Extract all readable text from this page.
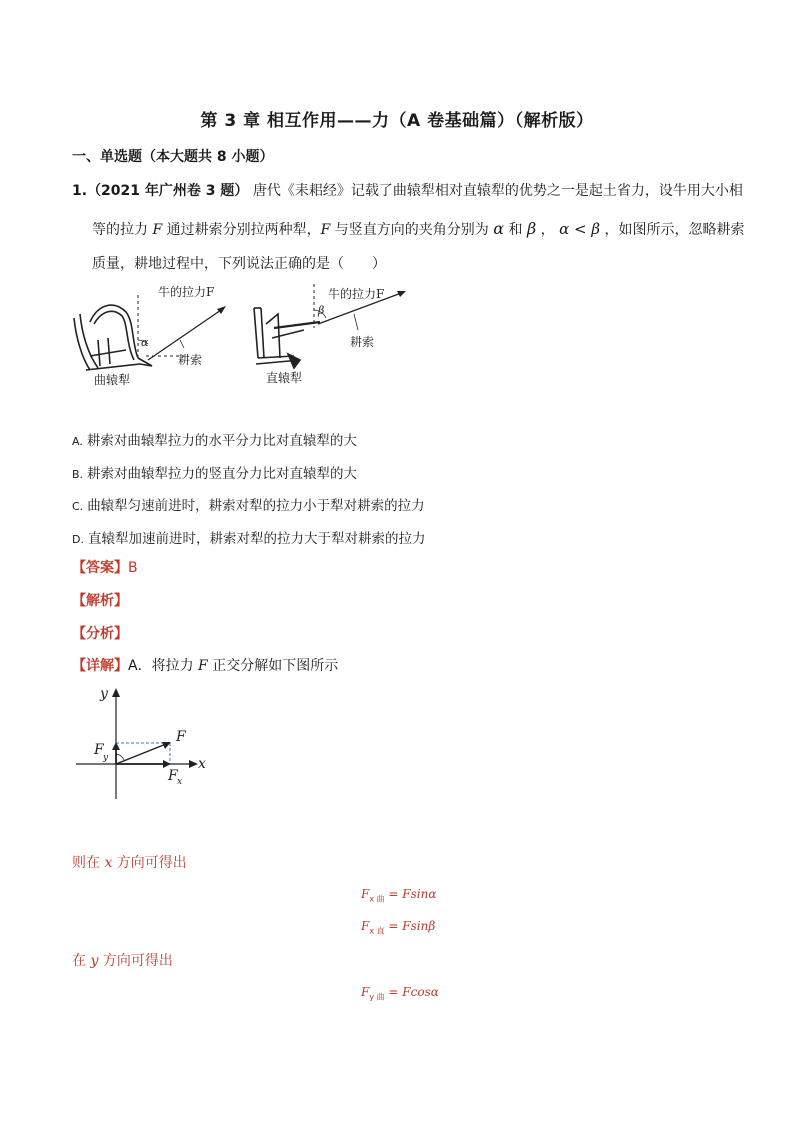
第 3 章 相互作用——力（A 卷基础篇）（解析版）
一、单选题（本大题共 8 小题）
1.（2021 年广州卷 3 题） 唐代《耒耜经》记载了曲辕犁相对直辕犁的优势之一是起土省力，设牛用大小相
等的拉力 F 通过耕索分别拉两种犁，F 与竖直方向的夹角分别为 α 和 β ， α < β ，如图所示，忽略耕索
质量，耕地过程中，下列说法正确的是（　　）
α
牛的拉力F
耕索
曲辕犁
β
牛的拉力F
耕索
直辕犁
A. 耕索对曲辕犁拉力的水平分力比对直辕犁的大
B. 耕索对曲辕犁拉力的竖直分力比对直辕犁的大
C. 曲辕犁匀速前进时，耕索对犁的拉力小于犁对耕索的拉力
D. 直辕犁加速前进时，耕索对犁的拉力大于犁对耕索的拉力
【答案】B
【解析】
【分析】
【详解】A．将拉力 F 正交分解如下图所示
y
x
F
F y
F x
则在 x 方向可得出
$F_{x 曲} = Fsin\alpha$
$F_{x 直} = Fsin\beta$
在 y 方向可得出
$F_{y 曲} = Fcos\alpha$
